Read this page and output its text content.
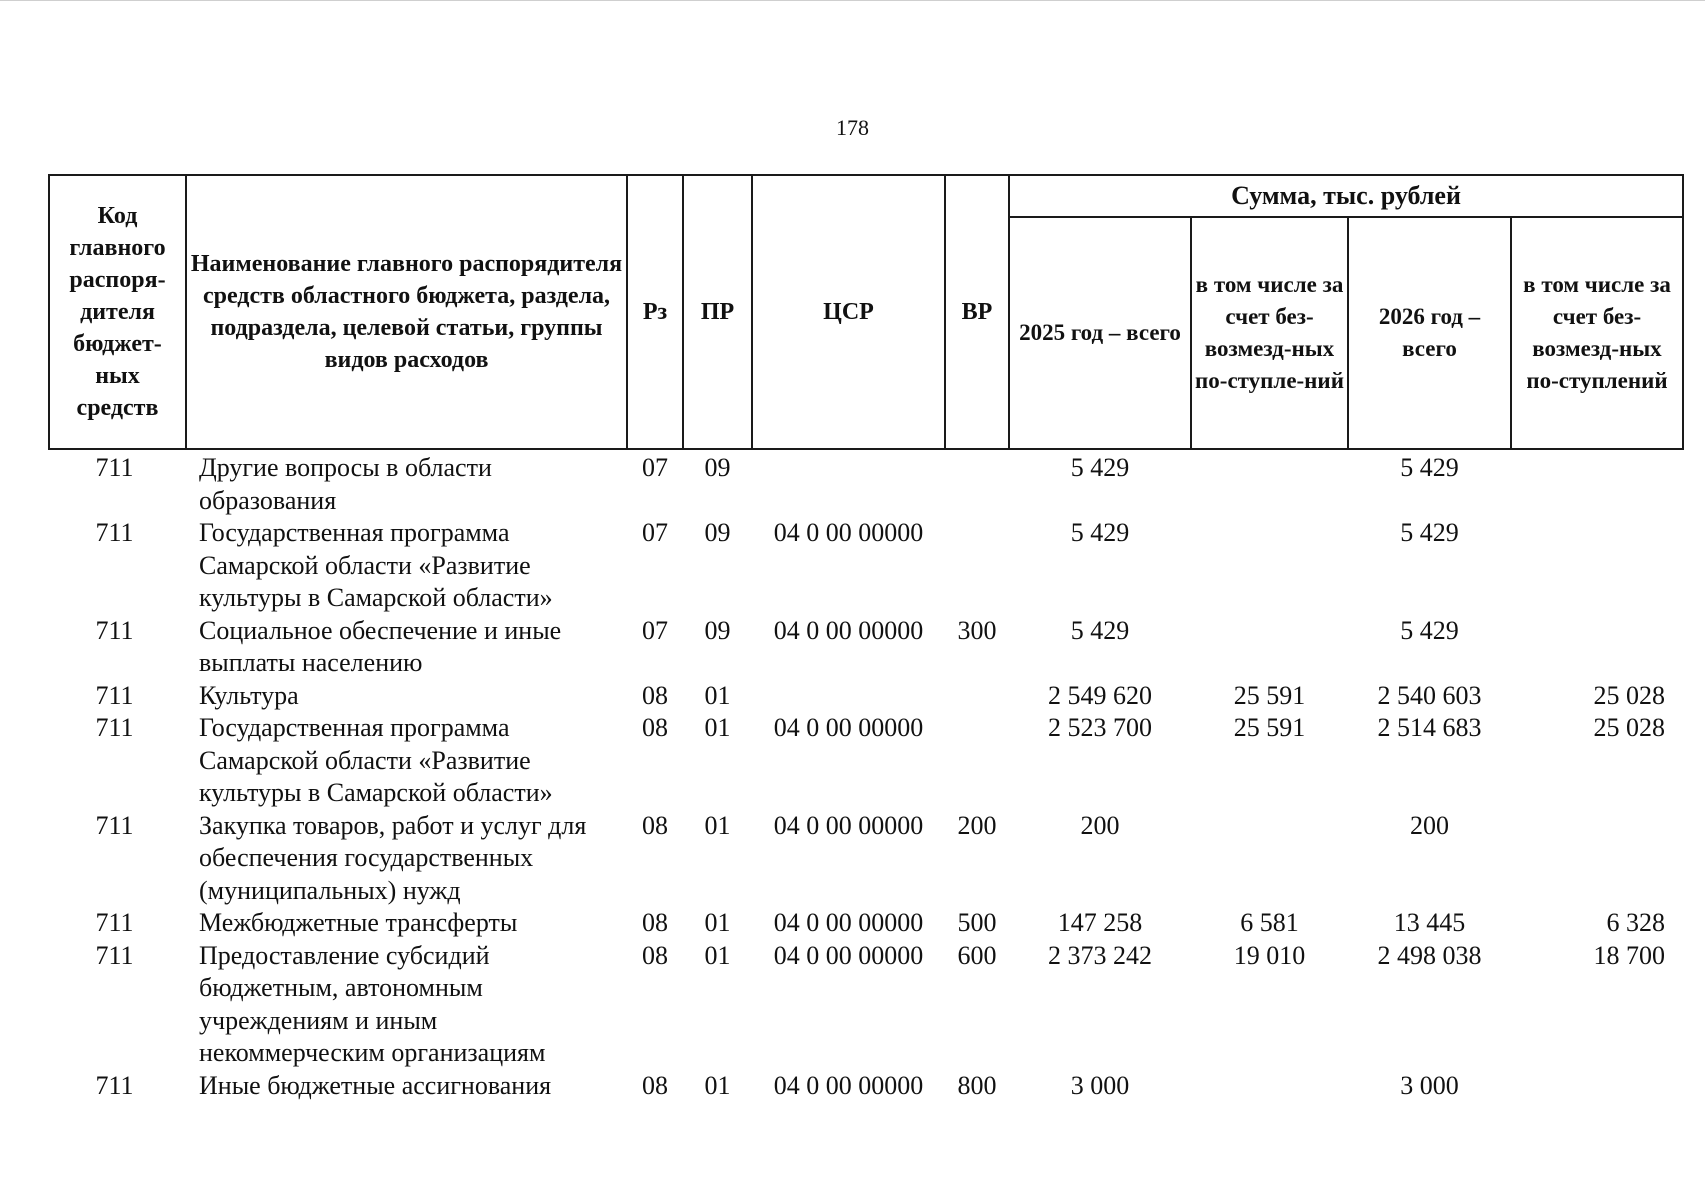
178
Код главного распоря-дителя бюджет-ных средств	Наименование главного распорядителя средств областного бюджета, раздела, подраздела, целевой статьи, группы видов расходов	Рз	ПР	ЦСР	ВР	Сумма, тыс. рублей			
						2025 год – всего	в том числе за счет без-возмезд-ных по-ступле-ний	2026 год – всего	в том числе за счет без-возмезд-ных по-ступлений
711	Другие вопросы в области образования	07	09			5 429		5 429	
711	Государственная программа Самарской области «Развитие культуры в Самарской области»	07	09	04 0 00 00000		5 429		5 429	
711	Социальное обеспечение и иные выплаты населению	07	09	04 0 00 00000	300	5 429		5 429	
711	Культура	08	01			2 549 620	25 591	2 540 603	25 028
711	Государственная программа Самарской области «Развитие культуры в Самарской области»	08	01	04 0 00 00000		2 523 700	25 591	2 514 683	25 028
711	Закупка товаров, работ и услуг для обеспечения государственных (муниципальных) нужд	08	01	04 0 00 00000	200	200		200	
711	Межбюджетные трансферты	08	01	04 0 00 00000	500	147 258	6 581	13 445	6 328
711	Предоставление субсидий бюджетным, автономным учреждениям и иным некоммерческим организациям	08	01	04 0 00 00000	600	2 373 242	19 010	2 498 038	18 700
711	Иные бюджетные ассигнования	08	01	04 0 00 00000	800	3 000		3 000	
